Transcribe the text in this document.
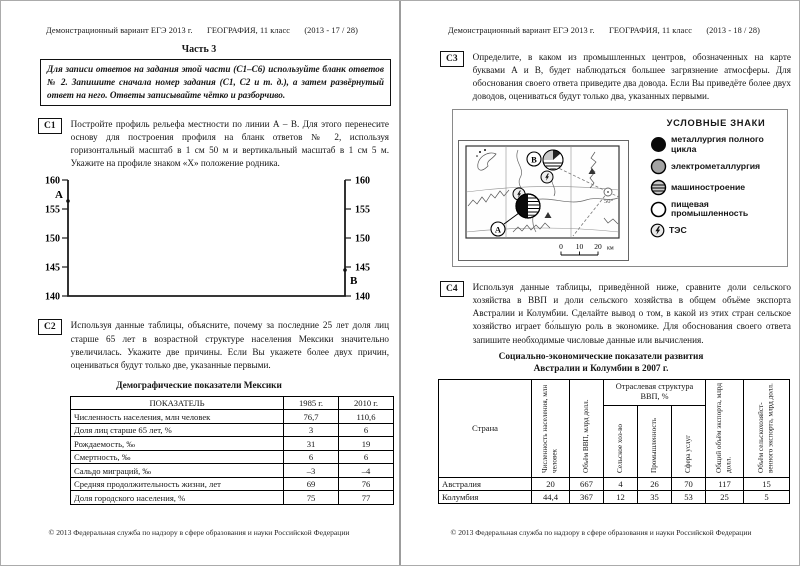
Демонстрационный вариант ЕГЭ 2013 г. ГЕОГРАФИЯ, 11 класс (2013 - 17 / 28)
Часть 3
Для записи ответов на задания этой части (С1–С6) используйте бланк ответов № 2. Запишите сначала номер задания (С1, С2 и т. д.), а затем развёрнутый ответ на него. Ответы записывайте чётко и разборчиво.
С1	Постройте профиль рельефа местности по линии А – В. Для этого перенесите основу для построения профиля на бланк ответов № 2, используя горизонтальный масштаб в 1 см 50 м и вертикальный масштаб в 1 см 5 м. Укажите на профиле знаком «Х» положение родника.
160
155
150
145
140
160
155
150
145
140
А
В
С2	Используя данные таблицы, объясните, почему за последние 25 лет доля лиц старше 65 лет в возрастной структуре населения Мексики значительно увеличилась. Укажите две причины. Если Вы укажете более двух причин, оцениваться будут только две, указанные первыми.
Демографические показатели Мексики
ПОКАЗАТЕЛЬ	1985 г.	2010 г.
Численность населения, млн человек	76,7	110,6
Доля лиц старше 65 лет, %	3	6
Рождаемость, ‰	31	19
Смертность, ‰	6	6
Сальдо миграций, ‰	–3	–4
Средняя продолжительность жизни, лет	69	76
Доля городского населения, %	75	77
© 2013 Федеральная служба по надзору в сфере образования и науки Российской Федерации
Демонстрационный вариант ЕГЭ 2013 г. ГЕОГРАФИЯ, 11 класс (2013 - 18 / 28)
С3	Определите, в каком из промышленных центров, обозначенных на карте буквами А и В, будет наблюдаться большее загрязнение атмосферы. Для обоснования своего ответа приведите два довода. Если Вы приведёте более двух доводов, оцениваться будут только два, указанных первыми.
В
А
50°
0 10 20 км
УСЛОВНЫЕ ЗНАКИ
металлургия полного цикла
электрометаллургия
машиностроение
пищевая промышленность
ТЭС
С4	Используя данные таблицы, приведённой ниже, сравните доли сельского хозяйства в ВВП и доли сельского хозяйства в общем объёме экспорта Австралии и Колумбии. Сделайте вывод о том, в какой из этих стран сельское хозяйство играет бо́льшую роль в экономике. Для обоснования своего ответа запишите необходимые числовые данные или вычисления.
Социально-экономические показатели развития
Австралии и Колумбии в 2007 г.
Страна	Численность населения, млн человек	Объём ВВП, млрд долл.	Отраслевая структура ВВП, %			Общий объём экспорта, млрд долл.	Объём сельскохозяйст-венного экспорта, млрд долл.
			Сельское хоз-во	Промышленность	Сфера услуг		
Австралия	20	667	4	26	70	117	15
Колумбия	44,4	367	12	35	53	25	5
© 2013 Федеральная служба по надзору в сфере образования и науки Российской Федерации
